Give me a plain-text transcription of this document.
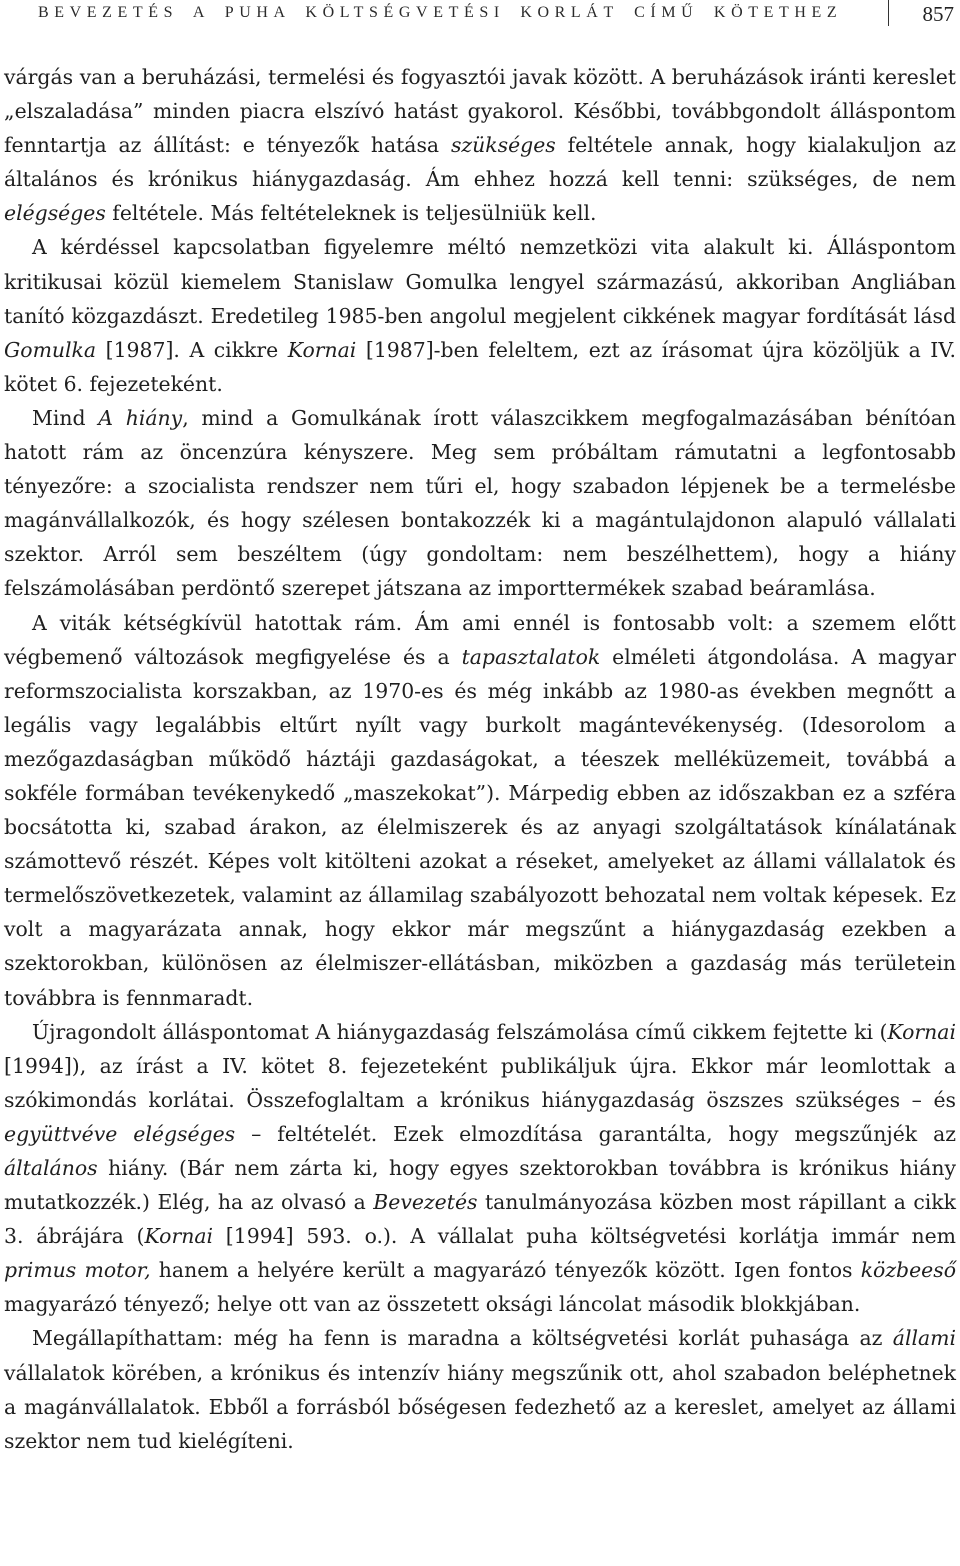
BEVEZETÉS A PUHA KÖLTSÉGVETÉSI KORLÁT CÍMŰ KÖTETHEZ	857

várgás van a beruházási, termelési és fogyasztói javak között. A beruházások iránti kereslet „elszaladása” minden piacra elszívó hatást gyakorol. Későbbi, továbbgondolt álláspontom fenntartja az állítást: e tényezők hatása szükséges feltétele annak, hogy kialakuljon az általános és krónikus hiánygazdaság. Ám ehhez hozzá kell tenni: szükséges, de nem elégséges feltétele. Más feltételeknek is teljesülniük kell.

A kérdéssel kapcsolatban figyelemre méltó nemzetközi vita alakult ki. Álláspontom kritikusai közül kiemelem Stanislaw Gomulka lengyel származású, akkoriban Angliában tanító közgazdászt. Eredetileg 1985-ben angolul megjelent cikkének magyar fordítását lásd Gomulka [1987]. A cikkre Kornai [1987]-ben feleltem, ezt az írásomat újra közöljük a IV. kötet 6. fejezeteként.

Mind A hiány, mind a Gomulkának írott válaszcikkem megfogalmazásában bénítóan hatott rám az öncenzúra kényszere. Meg sem próbáltam rámutatni a legfontosabb tényezőre: a szocialista rendszer nem tűri el, hogy szabadon lépjenek be a termelésbe magánvállalkozók, és hogy szélesen bontakozzék ki a magántulajdonon alapuló vállalati szektor. Arról sem beszéltem (úgy gondoltam: nem beszélhettem), hogy a hiány felszámolásában perdöntő szerepet játszana az importtermékek szabad beáramlása.

A viták kétségkívül hatottak rám. Ám ami ennél is fontosabb volt: a szemem előtt végbemenő változások megfigyelése és a tapasztalatok elméleti átgondolása. A magyar reformszocialista korszakban, az 1970-es és még inkább az 1980-as években megnőtt a legális vagy legalábbis eltűrt nyílt vagy burkolt magántevékenység. (Idesorolom a mezőgazdaságban működő háztáji gazdaságokat, a téeszek melléküzemeit, továbbá a sokféle formában tevékenykedő „maszekokat”). Márpedig ebben az időszakban ez a szféra bocsátotta ki, szabad árakon, az élelmiszerek és az anyagi szolgáltatások kínálatának számottevő részét. Képes volt kitölteni azokat a réseket, amelyeket az állami vállalatok és termelőszövetkezetek, valamint az államilag szabályozott behozatal nem voltak képesek. Ez volt a magyarázata annak, hogy ekkor már megszűnt a hiánygazdaság ezekben a szektorokban, különösen az élelmiszer-ellátásban, miközben a gazdaság más területein továbbra is fennmaradt.

Újragondolt álláspontomat A hiánygazdaság felszámolása című cikkem fejtette ki (Kornai [1994]), az írást a IV. kötet 8. fejezeteként publikáljuk újra. Ekkor már leomlottak a szókimondás korlátai. Összefoglaltam a krónikus hiánygazdaság öszszes szükséges – és együttvéve elégséges – feltételét. Ezek elmozdítása garantálta, hogy megszűnjék az általános hiány. (Bár nem zárta ki, hogy egyes szektorokban továbbra is krónikus hiány mutatkozzék.) Elég, ha az olvasó a Bevezetés tanulmányozása közben most rápillant a cikk 3. ábrájára (Kornai [1994] 593. o.). A vállalat puha költségvetési korlátja immár nem primus motor, hanem a helyére került a magyarázó tényezők között. Igen fontos közbeeső magyarázó tényező; helye ott van az összetett oksági láncolat második blokkjában.

Megállapíthattam: még ha fenn is maradna a költségvetési korlát puhasága az állami vállalatok körében, a krónikus és intenzív hiány megszűnik ott, ahol szabadon beléphetnek a magánvállalatok. Ebből a forrásból bőségesen fedezhető az a kereslet, amelyet az állami szektor nem tud kielégíteni.
